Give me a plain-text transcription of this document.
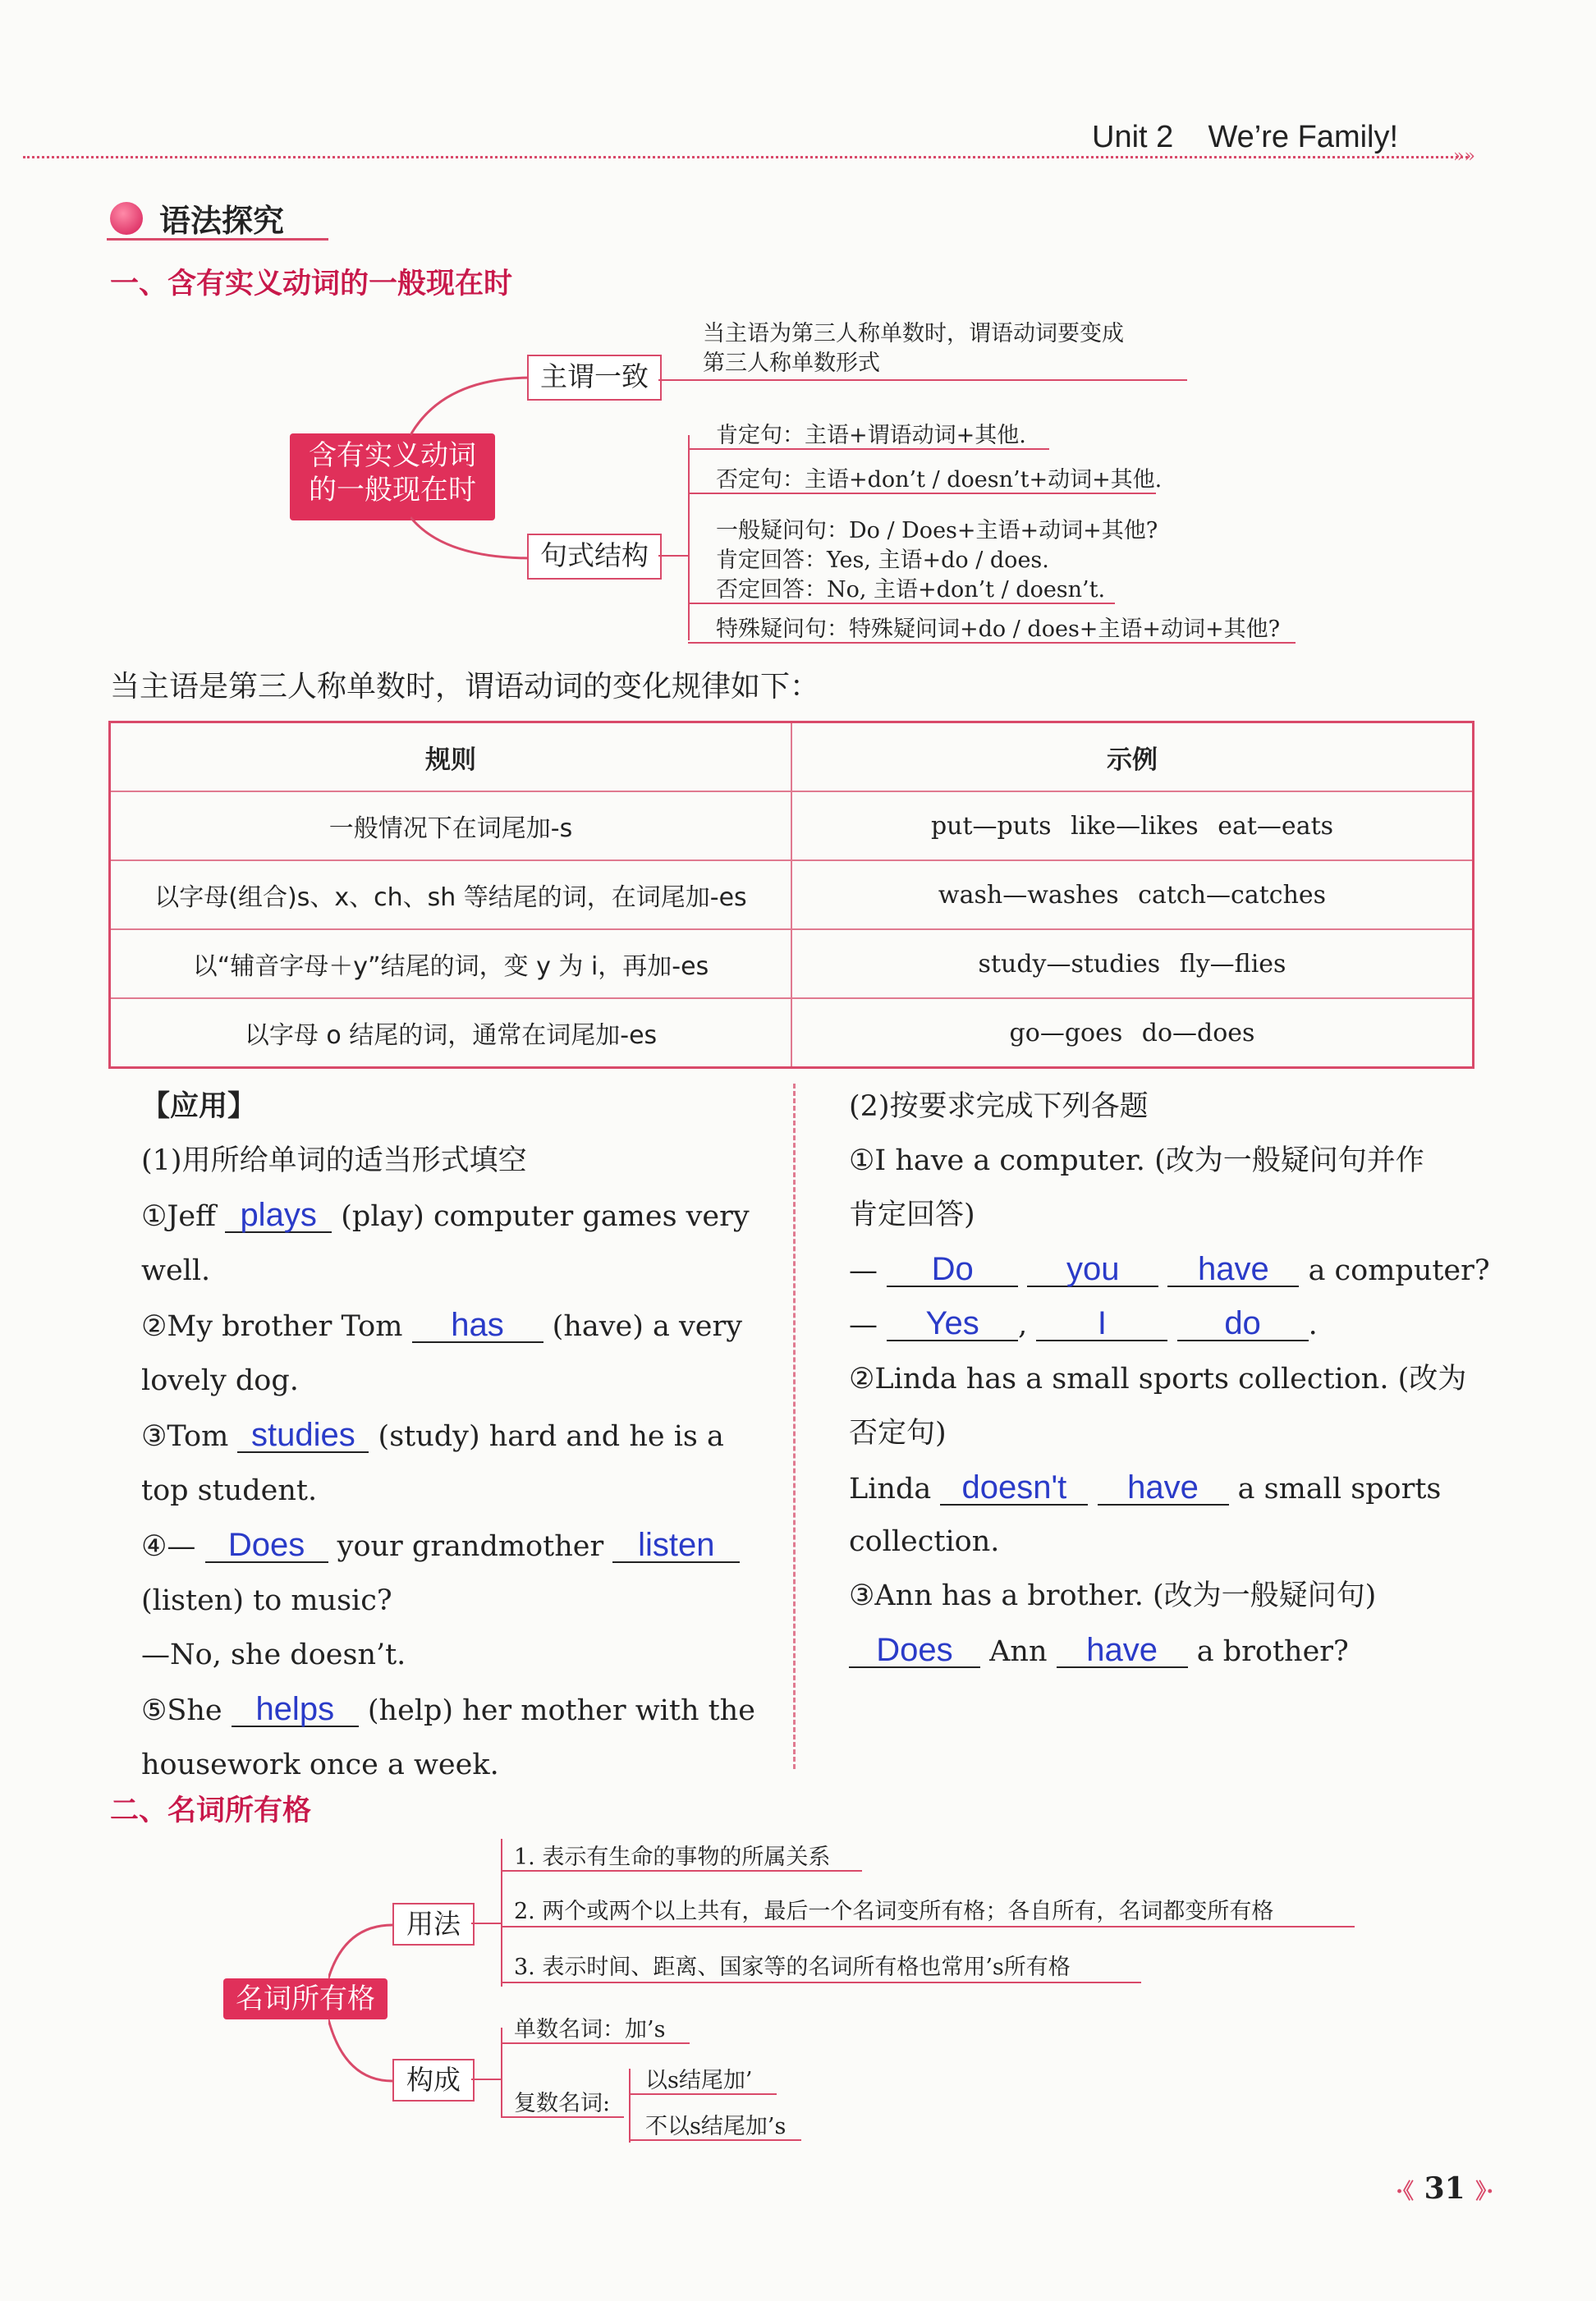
Unit 2    We’re Family!
»»
语法探究
一、含有实义动词的一般现在时
含有实义动词
的一般现在时
主谓一致
当主语为第三人称单数时，谓语动词要变成
第三人称单数形式
句式结构
肯定句：主语+谓语动词+其他.
否定句：主语+don’t / doesn’t+动词+其他.
一般疑问句：Do / Does+主语+动词+其他?
肯定回答：Yes, 主语+do / does.
否定回答：No, 主语+don’t / doesn’t.
特殊疑问句：特殊疑问词+do / does+主语+动词+其他?
当主语是第三人称单数时，谓语动词的变化规律如下：
规则	示例
一般情况下在词尾加-s	put—puts like—likes eat—eats
以字母(组合)s、x、ch、sh 等结尾的词，在词尾加-es	wash—washes catch—catches
以“辅音字母＋y”结尾的词，变 y 为 i，再加-es	study—studies fly—flies
以字母 o 结尾的词，通常在词尾加-es	go—goes do—does
【应用】
(1)用所给单词的适当形式填空
①Jeff plays (play) computer games very
well.
②My brother Tom has (have) a very
lovely dog.
③Tom studies (study) hard and he is a
top student.
④— Does your grandmother listen
(listen) to music?
—No, she doesn’t.
⑤She helps (help) her mother with the
housework once a week.
(2)按要求完成下列各题
①I have a computer. (改为一般疑问句并作
肯定回答)
— Do	you have a computer?
— Yes , I	do .
②Linda has a small sports collection. (改为
否定句)
Linda doesn't have a small sports
collection.
③Ann has a brother. (改为一般疑问句)
Does Ann have a brother?
二、名词所有格
名词所有格
用法
1. 表示有生命的事物的所属关系
2. 两个或两个以上共有，最后一个名词变所有格；各自所有，名词都变所有格
3. 表示时间、距离、国家等的名词所有格也常用’s所有格
构成
单数名词：加’s
复数名词:
以s结尾加’
不以s结尾加’s
·《 31 》·
